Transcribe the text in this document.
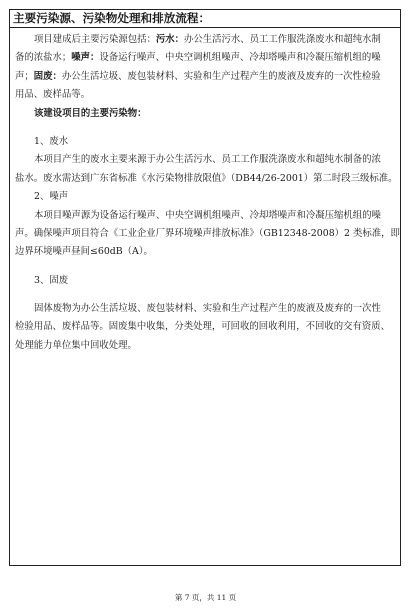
主要污染源、污染物处理和排放流程：
项目建成后主要污染源包括：污水：办公生活污水、员工工作服洗涤废水和超纯水制
备的浓盐水；噪声：设备运行噪声、中央空调机组噪声、冷却塔噪声和冷凝压缩机组的噪
声；固废：办公生活垃圾、废包装材料、实验和生产过程产生的废液及废弃的一次性检验
用品、废样品等。
该建设项目的主要污染物：
1、废水
本项目产生的废水主要来源于办公生活污水、员工工作服洗涤废水和超纯水制备的浓
盐水。废水需达到广东省标准《水污染物排放限值》（DB44/26-2001）第二时段三级标准。
2、噪声
本项目噪声源为设备运行噪声、中央空调机组噪声、冷却塔噪声和冷凝压缩机组的噪
声。确保噪声项目符合《工业企业厂界环境噪声排放标准》（GB12348-2008）2 类标准，即
边界环境噪声昼间≤60dB（A）。
3、固废
固体废物为办公生活垃圾、废包装材料、实验和生产过程产生的废液及废弃的一次性
检验用品、废样品等。固废集中收集，分类处理，可回收的回收利用，不回收的交有资质、
处理能力单位集中回收处理。
第 7 页，共 11 页
